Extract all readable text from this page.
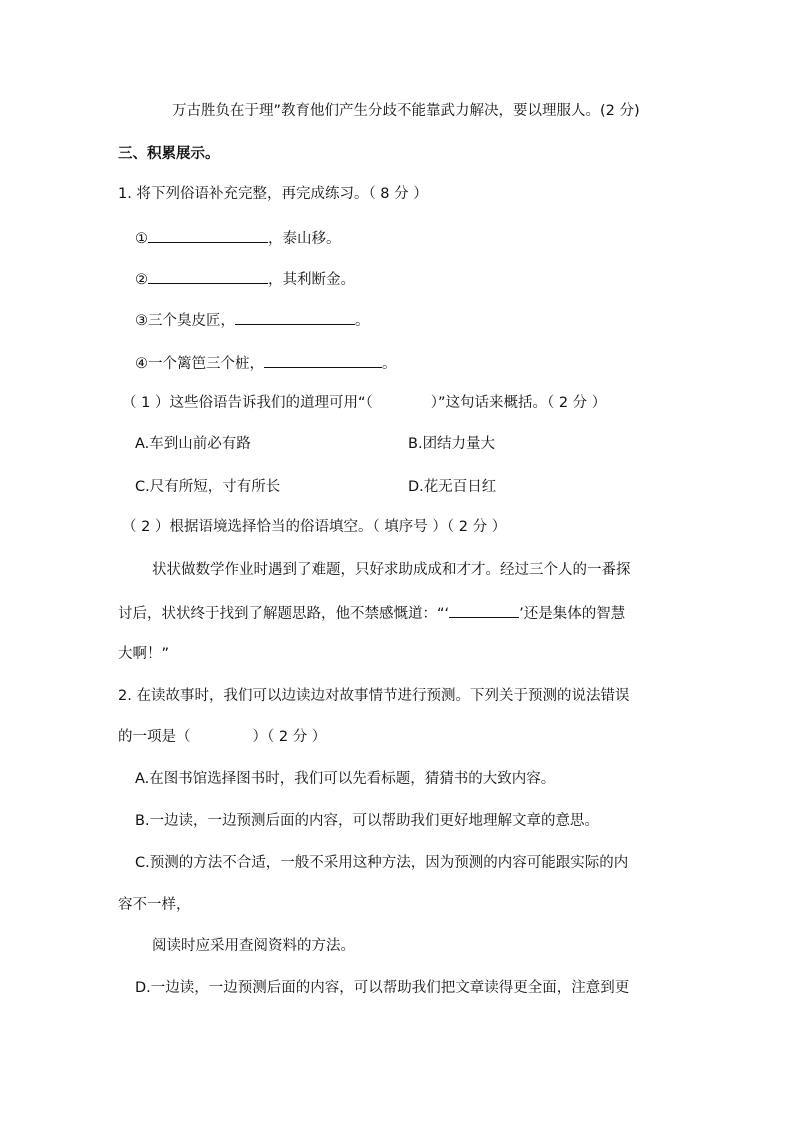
万古胜负在于理”教育他们产生分歧不能靠武力解决，要以理服人。(2 分)
三、积累展示。
1. 将下列俗语补充完整，再完成练习。（ 8 分 ）
①	，泰山移。
②	，其利断金。
③三个臭皮匠，	。
④一个篱笆三个桩，	。
（ 1 ）这些俗语告诉我们的道理可用“（	）”这句话来概括。（ 2 分 ）
A.车到山前必有路	B.团结力量大
C.尺有所短，寸有所长	D.花无百日红
（ 2 ）根据语境选择恰当的俗语填空。（ 填序号 ）（ 2 分 ）
状状做数学作业时遇到了难题，只好求助成成和才才。经过三个人的一番探
讨后，状状终于找到了解题思路，他不禁感慨道：“‘	’还是集体的智慧
大啊！”
2. 在读故事时，我们可以边读边对故事情节进行预测。下列关于预测的说法错误
的一项是（	）（ 2 分 ）
A.在图书馆选择图书时，我们可以先看标题，猜猜书的大致内容。
B.一边读，一边预测后面的内容，可以帮助我们更好地理解文章的意思。
C.预测的方法不合适，一般不采用这种方法，因为预测的内容可能跟实际的内
容不一样，
阅读时应采用查阅资料的方法。
D.一边读，一边预测后面的内容，可以帮助我们把文章读得更全面，注意到更
